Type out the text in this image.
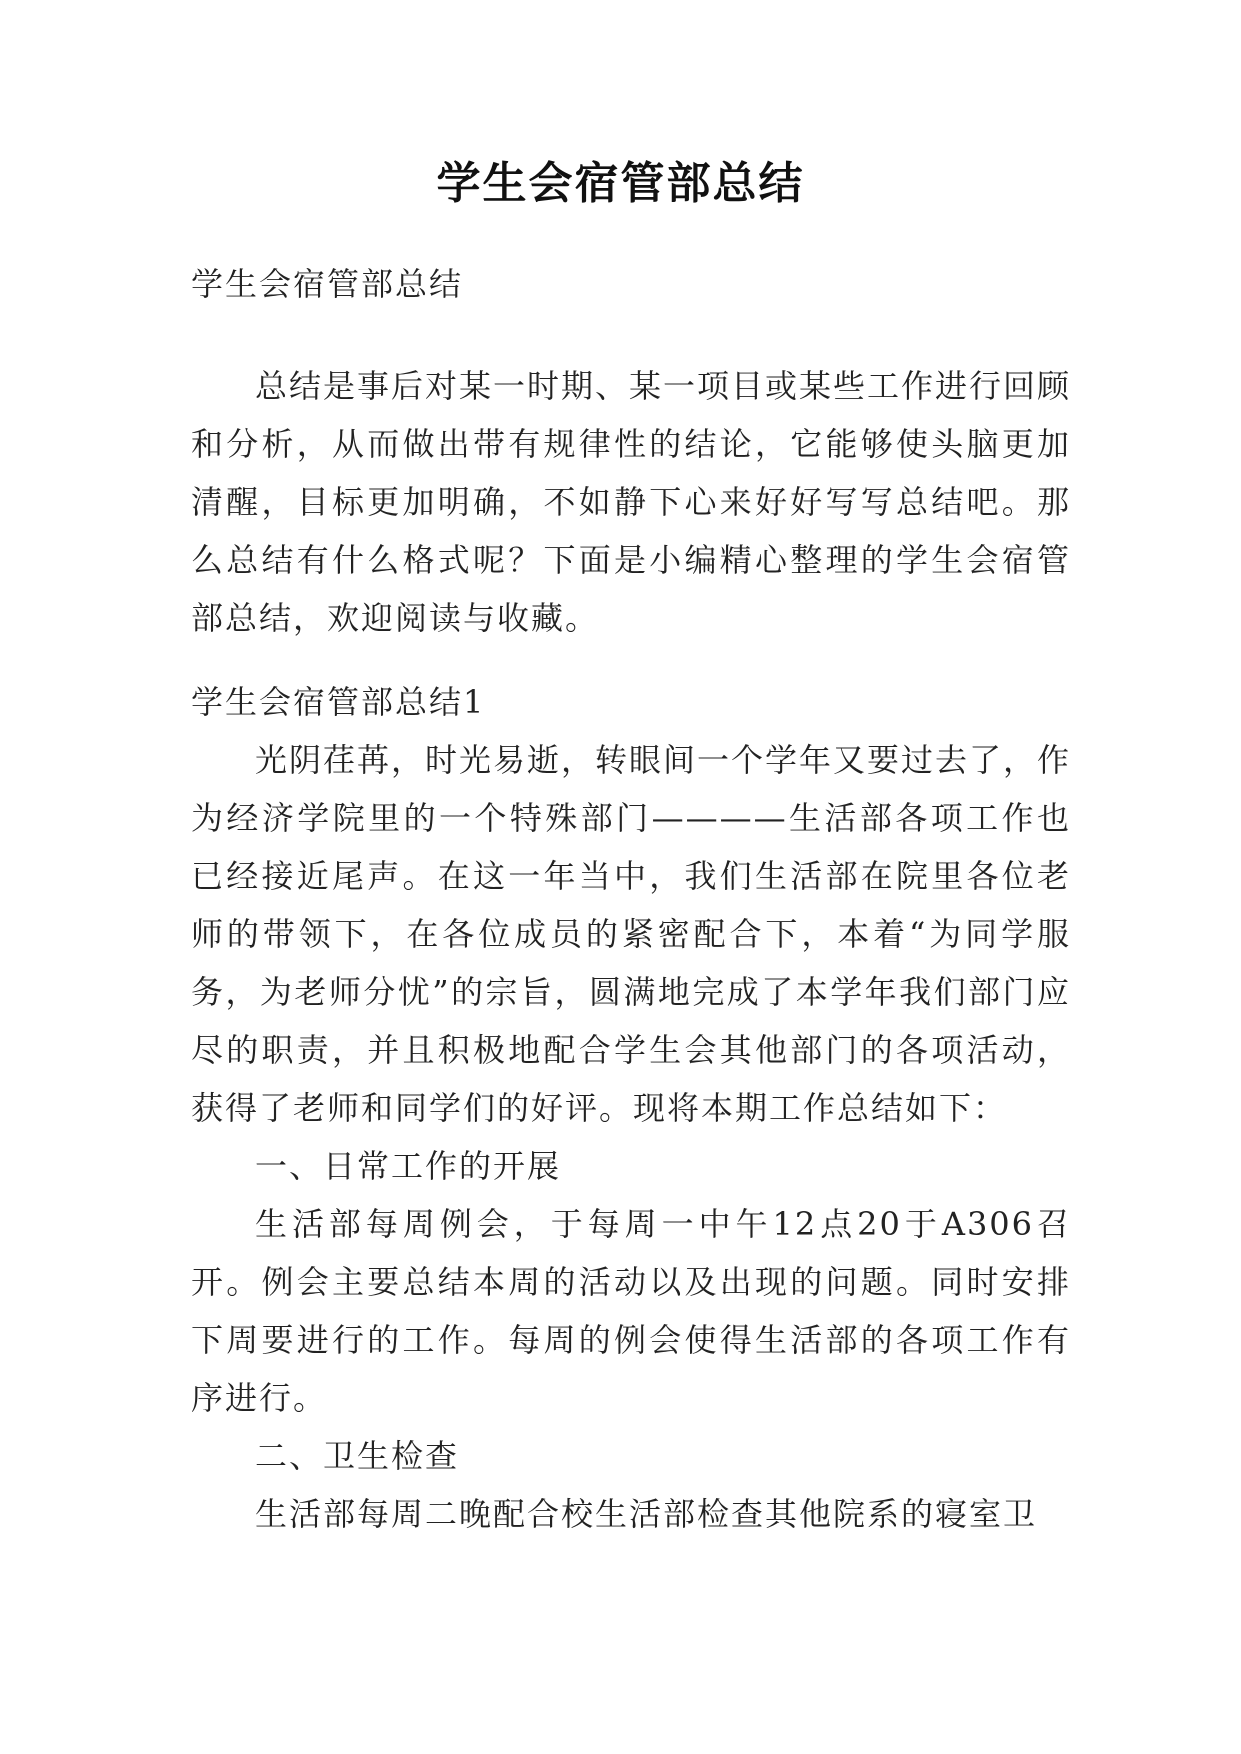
学生会宿管部总结

学生会宿管部总结

总结是事后对某一时期、某一项目或某些工作进行回顾和分析，从而做出带有规律性的结论，它能够使头脑更加清醒，目标更加明确，不如静下心来好好写写总结吧。那么总结有什么格式呢？下面是小编精心整理的学生会宿管部总结，欢迎阅读与收藏。

学生会宿管部总结1

光阴荏苒，时光易逝，转眼间一个学年又要过去了，作为经济学院里的一个特殊部门————生活部各项工作也已经接近尾声。在这一年当中，我们生活部在院里各位老师的带领下，在各位成员的紧密配合下，本着“为同学服务，为老师分忧”的宗旨，圆满地完成了本学年我们部门应尽的职责，并且积极地配合学生会其他部门的各项活动，获得了老师和同学们的好评。现将本期工作总结如下：

一、日常工作的开展

生活部每周例会，于每周一中午12点20于A306召开。例会主要总结本周的活动以及出现的问题。同时安排下周要进行的工作。每周的例会使得生活部的各项工作有序进行。

二、卫生检查

生活部每周二晚配合校生活部检查其他院系的寝室卫
